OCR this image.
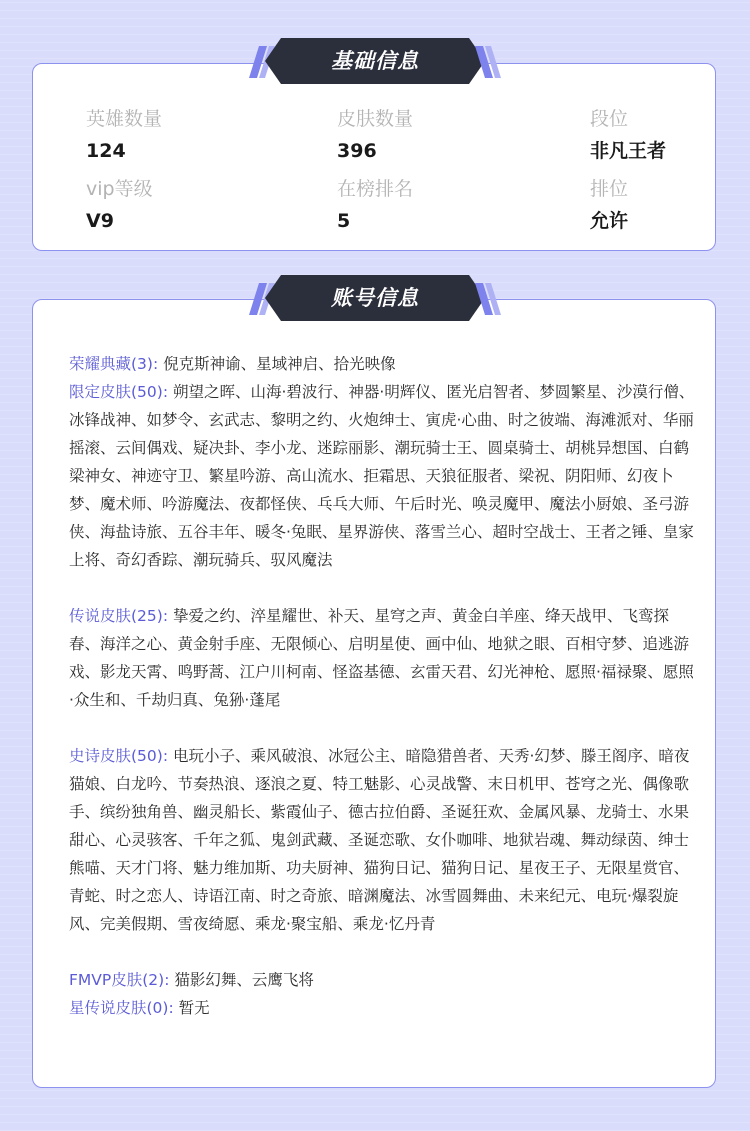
英雄数量
124
皮肤数量
396
段位
非凡王者
vip等级
V9
在榜排名
5
排位
允许
基础信息

荣耀典藏(3): 倪克斯神谕、星域神启、拾光映像

限定皮肤(50): 朔望之晖、山海·碧波行、神器·明辉仪、匿光启智者、梦圆繁星、沙漠行僧、冰锋战神、如梦令、玄武志、黎明之约、火炮绅士、寅虎·心曲、时之彼端、海滩派对、华丽摇滚、云间偶戏、疑决卦、李小龙、迷踪丽影、潮玩骑士王、圆桌骑士、胡桃异想国、白鹤梁神女、神迹守卫、繁星吟游、高山流水、拒霜思、天狼征服者、梁祝、阴阳师、幻夜卜梦、魔术师、吟游魔法、夜都怪侠、乓乓大师、午后时光、唤灵魔甲、魔法小厨娘、圣弓游侠、海盐诗旅、五谷丰年、暖冬·兔眠、星界游侠、落雪兰心、超时空战士、王者之锤、皇家上将、奇幻香踪、潮玩骑兵、驭风魔法

传说皮肤(25): 挚爱之约、淬星耀世、补天、星穹之声、黄金白羊座、绛天战甲、飞鸾探春、海洋之心、黄金射手座、无限倾心、启明星使、画中仙、地狱之眼、百相守梦、追逃游戏、影龙天霄、鸣野蒿、江户川柯南、怪盗基德、玄雷天君、幻光神枪、愿照·福禄聚、愿照·众生和、千劫归真、兔狲·蓬尾

史诗皮肤(50): 电玩小子、乘风破浪、冰冠公主、暗隐猎兽者、天秀·幻梦、滕王阁序、暗夜猫娘、白龙吟、节奏热浪、逐浪之夏、特工魅影、心灵战警、末日机甲、苍穹之光、偶像歌手、缤纷独角兽、幽灵船长、紫霞仙子、德古拉伯爵、圣诞狂欢、金属风暴、龙骑士、水果甜心、心灵骇客、千年之狐、鬼剑武藏、圣诞恋歌、女仆咖啡、地狱岩魂、舞动绿茵、绅士熊喵、天才门将、魅力维加斯、功夫厨神、猫狗日记、猫狗日记、星夜王子、无限星赏官、青蛇、时之恋人、诗语江南、时之奇旅、暗渊魔法、冰雪圆舞曲、未来纪元、电玩·爆裂旋风、完美假期、雪夜绮愿、乘龙·聚宝船、乘龙·忆丹青

FMVP皮肤(2): 猫影幻舞、云鹰飞将

星传说皮肤(0): 暂无

账号信息
